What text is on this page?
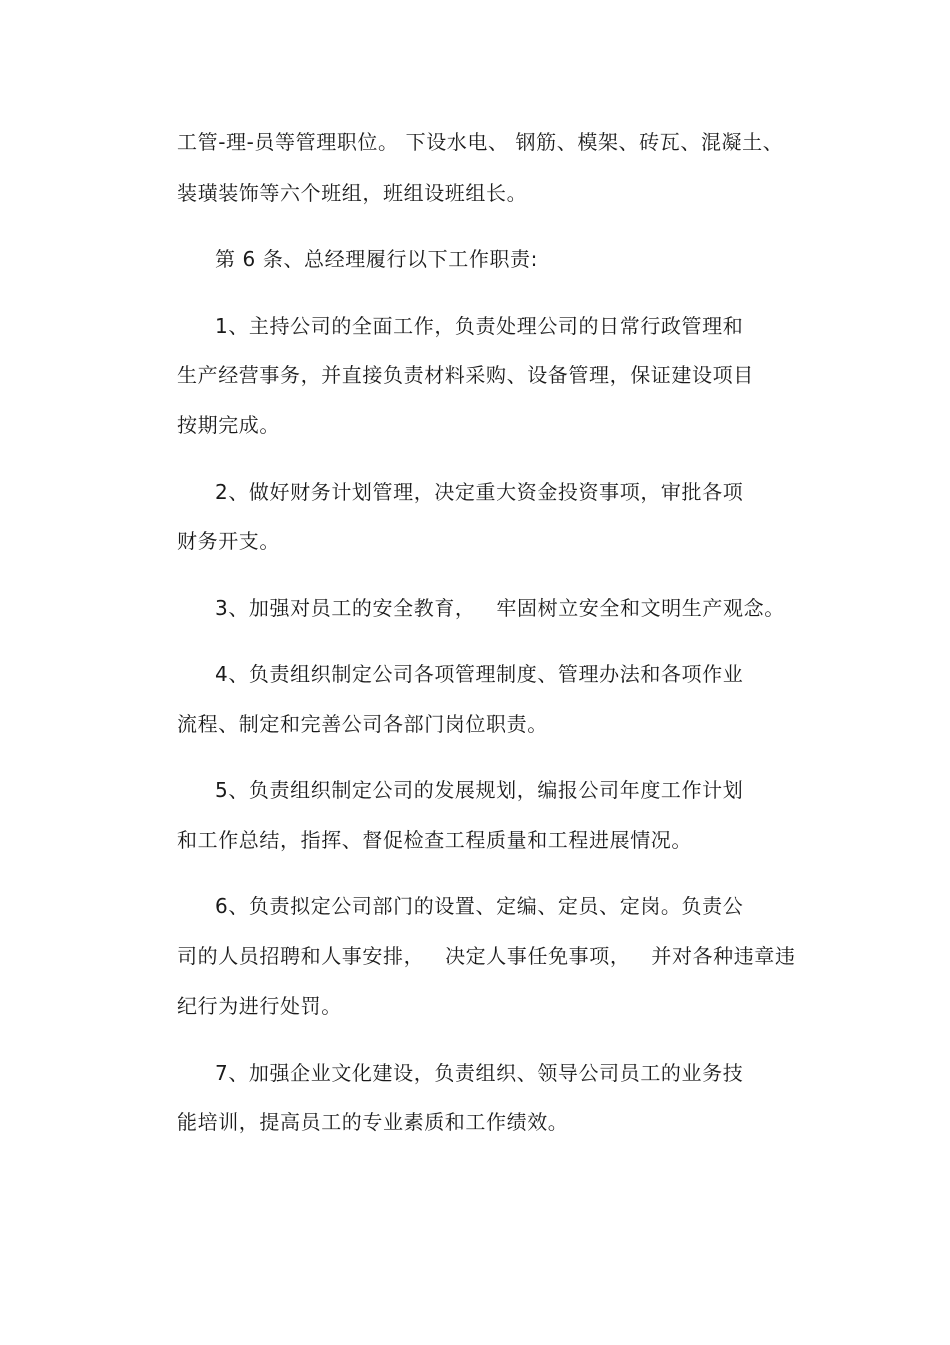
工管-理-员等管理职位。 下设水电、 钢筋、模架、砖瓦、混凝土、

装璜装饰等六个班组，班组设班组长。

第 6 条、总经理履行以下工作职责:

1、主持公司的全面工作，负责处理公司的日常行政管理和

生产经营事务，并直接负责材料采购、设备管理，保证建设项目

按期完成。

2、做好财务计划管理，决定重大资金投资事项，审批各项

财务开支。

3、加强对员工的安全教育，   牢固树立安全和文明生产观念。

4、负责组织制定公司各项管理制度、管理办法和各项作业

流程、制定和完善公司各部门岗位职责。

5、负责组织制定公司的发展规划，编报公司年度工作计划

和工作总结，指挥、督促检查工程质量和工程进展情况。

6、负责拟定公司部门的设置、定编、定员、定岗。负责公

司的人员招聘和人事安排，   决定人事任免事项，   并对各种违章违

纪行为进行处罚。

7、加强企业文化建设，负责组织、领导公司员工的业务技

能培训，提高员工的专业素质和工作绩效。
